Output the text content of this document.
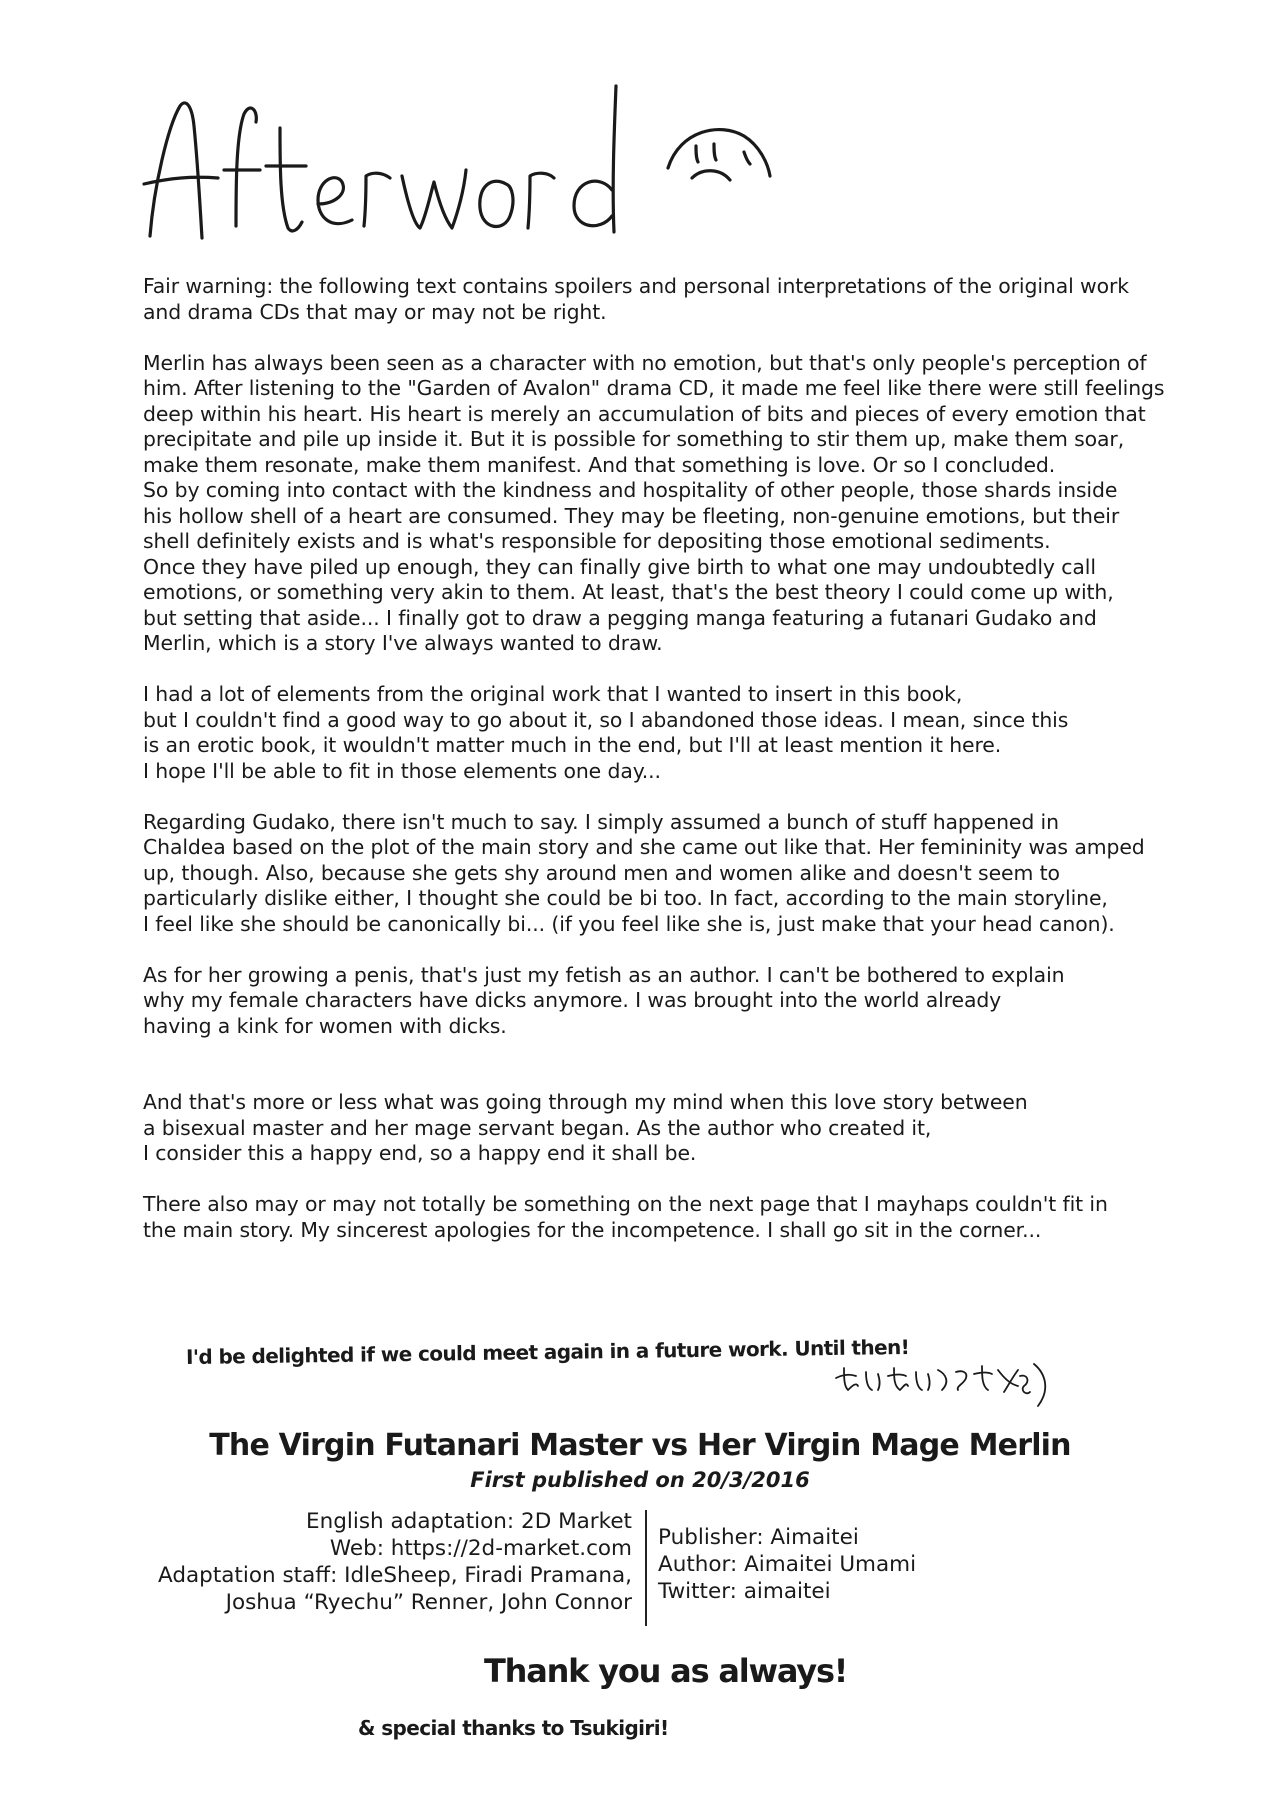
Fair warning: the following text contains spoilers and personal interpretations of the original work
and drama CDs that may or may not be right.
Merlin has always been seen as a character with no emotion, but that's only people's perception of
him. After listening to the "Garden of Avalon" drama CD, it made me feel like there were still feelings
deep within his heart. His heart is merely an accumulation of bits and pieces of every emotion that
precipitate and pile up inside it. But it is possible for something to stir them up, make them soar,
make them resonate, make them manifest. And that something is love. Or so I concluded.
So by coming into contact with the kindness and hospitality of other people, those shards inside
his hollow shell of a heart are consumed. They may be fleeting, non-genuine emotions, but their
shell definitely exists and is what's responsible for depositing those emotional sediments.
Once they have piled up enough, they can finally give birth to what one may undoubtedly call
emotions, or something very akin to them. At least, that's the best theory I could come up with,
but setting that aside... I finally got to draw a pegging manga featuring a futanari Gudako and
Merlin, which is a story I've always wanted to draw.
I had a lot of elements from the original work that I wanted to insert in this book,
but I couldn't find a good way to go about it, so I abandoned those ideas. I mean, since this
is an erotic book, it wouldn't matter much in the end, but I'll at least mention it here.
I hope I'll be able to fit in those elements one day...
Regarding Gudako, there isn't much to say. I simply assumed a bunch of stuff happened in
Chaldea based on the plot of the main story and she came out like that. Her femininity was amped
up, though. Also, because she gets shy around men and women alike and doesn't seem to
particularly dislike either, I thought she could be bi too. In fact, according to the main storyline,
I feel like she should be canonically bi... (if you feel like she is, just make that your head canon).
As for her growing a penis, that's just my fetish as an author. I can't be bothered to explain
why my female characters have dicks anymore. I was brought into the world already
having a kink for women with dicks.
And that's more or less what was going through my mind when this love story between
a bisexual master and her mage servant began. As the author who created it,
I consider this a happy end, so a happy end it shall be.
There also may or may not totally be something on the next page that I mayhaps couldn't fit in
the main story. My sincerest apologies for the incompetence. I shall go sit in the corner...
I'd be delighted if we could meet again in a future work. Until then!
The Virgin Futanari Master vs Her Virgin Mage Merlin
First published on 20/3/2016
English adaptation: 2D Market
Web: https://2d-market.com
Adaptation staff: IdleSheep, Firadi Pramana,
Joshua “Ryechu” Renner, John Connor
Publisher: Aimaitei
Author: Aimaitei Umami
Twitter: aimaitei
Thank you as always!
& special thanks to Tsukigiri!
